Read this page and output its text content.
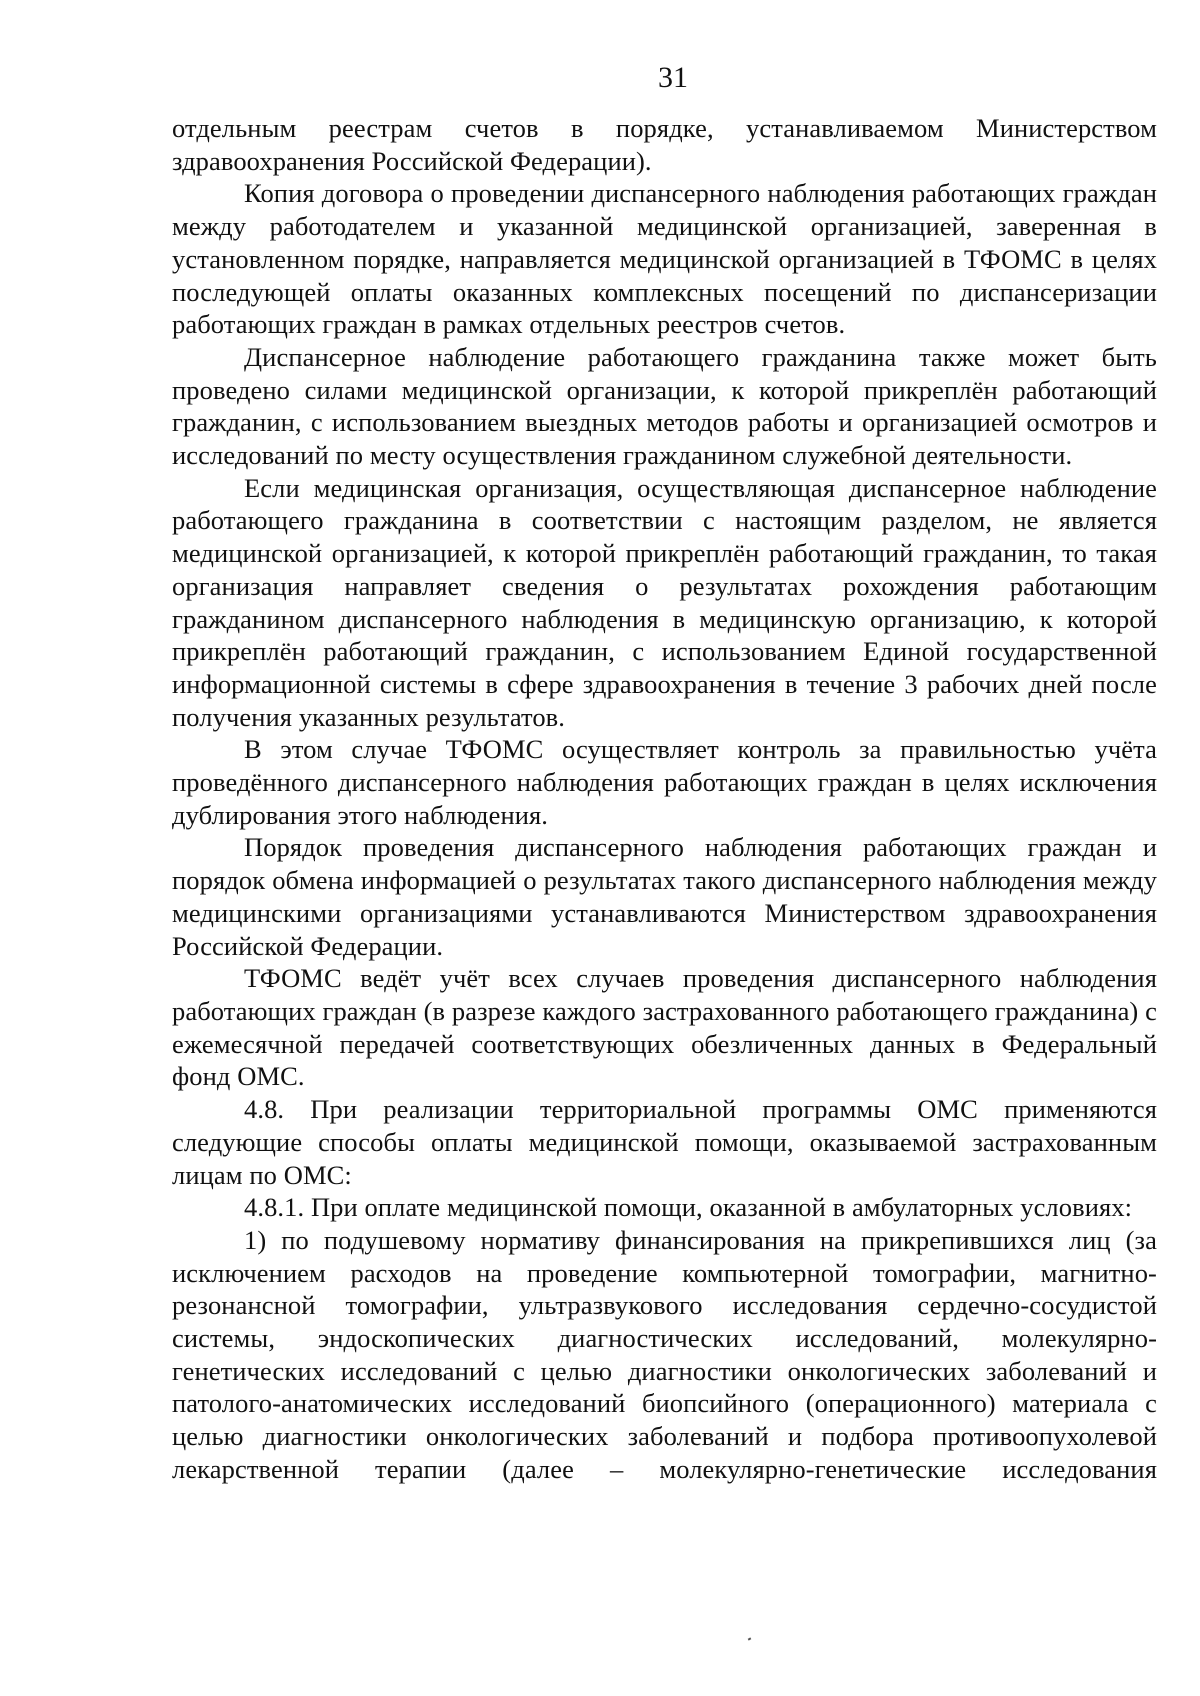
31

отдельным реестрам счетов в порядке, устанавливаемом Министерством здравоохранения Российской Федерации).

Копия договора о проведении диспансерного наблюдения работающих граждан между работодателем и указанной медицинской организацией, заверенная в установленном порядке, направляется медицинской организацией в ТФОМС в целях последующей оплаты оказанных комплексных посещений по диспансеризации работающих граждан в рамках отдельных реестров счетов.

Диспансерное наблюдение работающего гражданина также может быть проведено силами медицинской организации, к которой прикреплён работающий гражданин, с использованием выездных методов работы и организацией осмотров и исследований по месту осуществления гражданином служебной деятельности.

Если медицинская организация, осуществляющая диспансерное наблюдение работающего гражданина в соответствии с настоящим разделом, не является медицинской организацией, к которой прикреплён работающий гражданин, то такая организация направляет сведения о результатах рохождения работающим гражданином диспансерного наблюдения в медицинскую организацию, к которой прикреплён работающий гражданин, с использованием Единой государственной информационной системы в сфере здравоохранения в течение 3 рабочих дней после получения указанных результатов.

В этом случае ТФОМС осуществляет контроль за правильностью учёта проведённого диспансерного наблюдения работающих граждан в целях исключения дублирования этого наблюдения.

Порядок проведения диспансерного наблюдения работающих граждан и порядок обмена информацией о результатах такого диспансерного наблюдения между медицинскими организациями устанавливаются Министерством здравоохранения Российской Федерации.

ТФОМС ведёт учёт всех случаев проведения диспансерного наблюдения работающих граждан (в разрезе каждого застрахованного работающего гражданина) с ежемесячной передачей соответствующих обезличенных данных в Федеральный фонд ОМС.

4.8. При реализации территориальной программы ОМС применяются следующие способы оплаты медицинской помощи, оказываемой застрахованным лицам по ОМС:

4.8.1. При оплате медицинской помощи, оказанной в амбулаторных условиях:

1) по подушевому нормативу финансирования на прикрепившихся лиц (за исключением расходов на проведение компьютерной томографии, магнитно-резонансной томографии, ультразвукового исследования сердечно-сосудистой системы, эндоскопических диагностических исследований, молекулярно-генетических исследований с целью диагностики онкологических заболеваний и патолого-анатомических исследований биопсийного (операционного) материала с целью диагностики онкологических заболеваний и подбора противоопухолевой лекарственной терапии (далее – молекулярно-генетические исследования
